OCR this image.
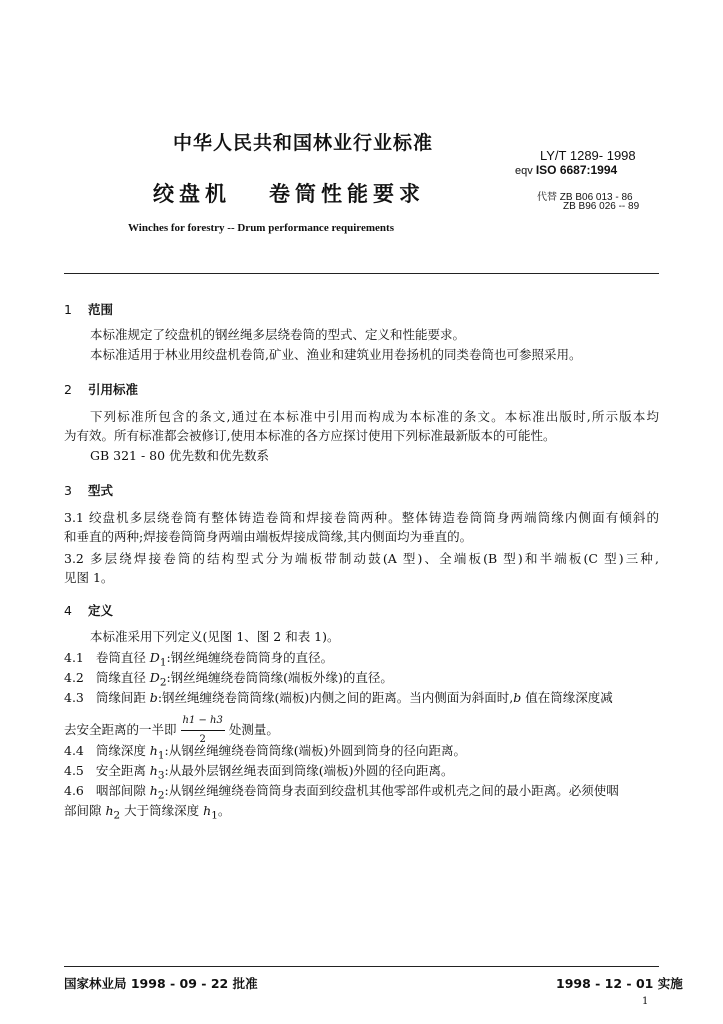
中华人民共和国林业行业标准
LY/T 1289- 1998
eqv ISO 6687:1994
绞盘机 卷筒性能要求	代替 ZB B06 013 - 86
ZB B96 026 -- 89
Winches for forestry -- Drum performance requirements
1 范围
本标准规定了绞盘机的钢丝绳多层绕卷筒的型式、定义和性能要求。
本标准适用于林业用绞盘机卷筒,矿业、渔业和建筑业用卷扬机的同类卷筒也可参照采用。
2 引用标准
下列标准所包含的条文,通过在本标准中引用而构成为本标准的条文。本标准出版时,所示版本均
为有效。所有标准都会被修订,使用本标准的各方应探讨使用下列标准最新版本的可能性。
GB 321 - 80 优先数和优先数系
3 型式
3.1 绞盘机多层绕卷筒有整体铸造卷筒和焊接卷筒两种。整体铸造卷筒筒身两端筒缘内侧面有倾斜的
和垂直的两种;焊接卷筒筒身两端由端板焊接成筒缘,其内侧面均为垂直的。
3.2 多层绕焊接卷筒的结构型式分为端板带制动鼓(A 型)、全端板(B 型)和半端板(C 型)三种,
见图 1。
4 定义
本标准采用下列定义(见图 1、图 2 和表 1)。
4.1 卷筒直径 $D_1$:钢丝绳缠绕卷筒筒身的直径。
4.2 筒缘直径 $D_2$:钢丝绳缠绕卷筒筒缘(端板外缘)的直径。
4.3 筒缘间距 b:钢丝绳缠绕卷筒筒缘(端板)内侧之间的距离。当内侧面为斜面时,b 值在筒缘深度减
去安全距离的一半即 $\frac{h1 - h3}{2}$ 处测量。
4.4 筒缘深度 $h_1$:从钢丝绳缠绕卷筒筒缘(端板)外圆到筒身的径向距离。
4.5 安全距离 $h_3$:从最外层钢丝绳表面到筒缘(端板)外圆的径向距离。
4.6 咽部间隙 $h_2$:从钢丝绳缠绕卷筒筒身表面到绞盘机其他零部件或机壳之间的最小距离。必须使咽
部间隙 $h_2$ 大于筒缘深度 $h_1$。
国家林业局 1998 - 09 - 22 批准	1998 - 12 - 01 实施
1
